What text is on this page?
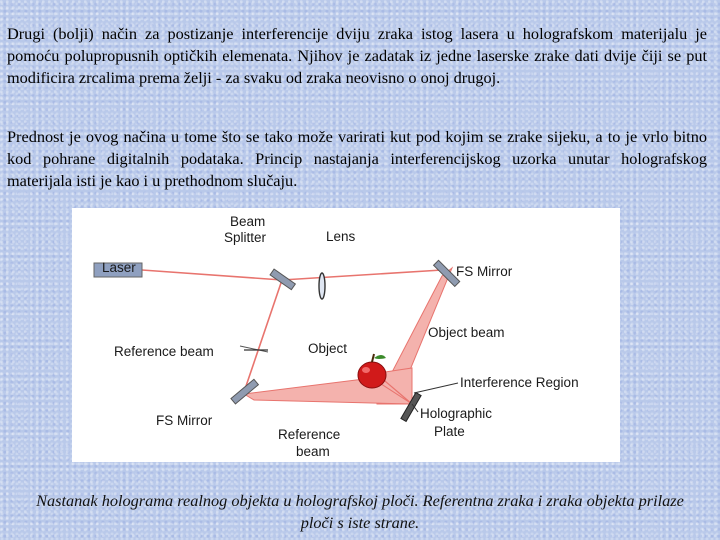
Drugi (bolji) način za postizanje interferencije dviju zraka istog lasera u holografskom materijalu je pomoću polupropusnih optičkih elemenata. Njihov je zadatak iz jedne laserske zrake dati dvije čiji se put modificira zrcalima prema želji - za svaku od zraka neovisno o onoj drugoj.

Prednost je ovog načina u tome što se tako može varirati kut pod kojim se zrake sijeku, a to je vrlo bitno kod pohrane digitalnih podataka. Princip nastajanja interferencijskog uzorka unutar holografskog materijala isti je kao i u prethodnom slučaju.

Beam
Splitter	Lens
Laser	FS Mirror
Object beam
Reference beam	Object
Interference Region
FS Mirror
Reference
beam
Holographic
Plate

Nastanak holograma realnog objekta u holografskoj ploči. Referentna zraka i zraka objekta prilaze ploči s iste strane.
